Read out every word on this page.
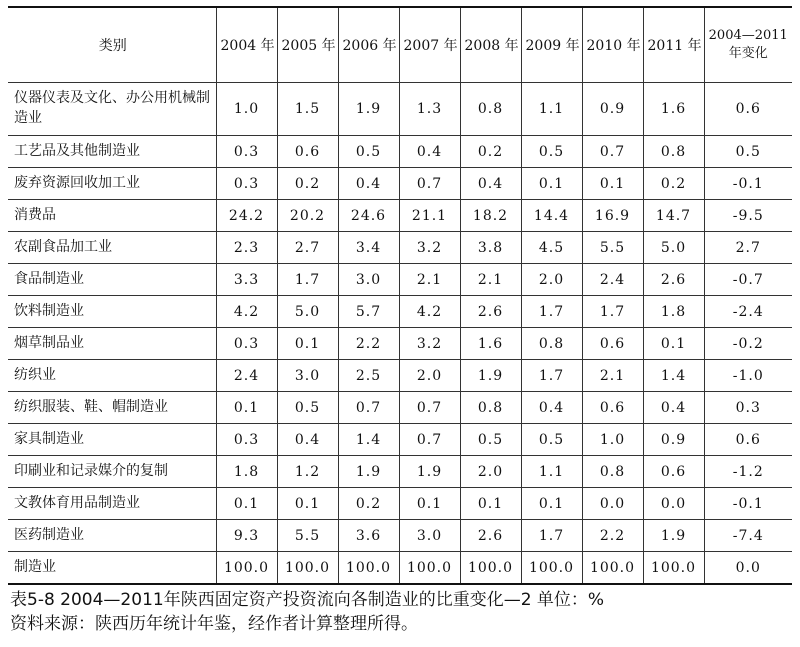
类别	2004 年	2005 年	2006 年	2007 年	2008 年	2009 年	2010 年	2011 年	2004—2011年变化
仪器仪表及文化、办公用机械制造业	1.0	1.5	1.9	1.3	0.8	1.1	0.9	1.6	0.6
工艺品及其他制造业	0.3	0.6	0.5	0.4	0.2	0.5	0.7	0.8	0.5
废弃资源回收加工业	0.3	0.2	0.4	0.7	0.4	0.1	0.1	0.2	-0.1
消费品	24.2	20.2	24.6	21.1	18.2	14.4	16.9	14.7	-9.5
农副食品加工业	2.3	2.7	3.4	3.2	3.8	4.5	5.5	5.0	2.7
食品制造业	3.3	1.7	3.0	2.1	2.1	2.0	2.4	2.6	-0.7
饮料制造业	4.2	5.0	5.7	4.2	2.6	1.7	1.7	1.8	-2.4
烟草制品业	0.3	0.1	2.2	3.2	1.6	0.8	0.6	0.1	-0.2
纺织业	2.4	3.0	2.5	2.0	1.9	1.7	2.1	1.4	-1.0
纺织服装、鞋、帽制造业	0.1	0.5	0.7	0.7	0.8	0.4	0.6	0.4	0.3
家具制造业	0.3	0.4	1.4	0.7	0.5	0.5	1.0	0.9	0.6
印刷业和记录媒介的复制	1.8	1.2	1.9	1.9	2.0	1.1	0.8	0.6	-1.2
文教体育用品制造业	0.1	0.1	0.2	0.1	0.1	0.1	0.0	0.0	-0.1
医药制造业	9.3	5.5	3.6	3.0	2.6	1.7	2.2	1.9	-7.4
制造业	100.0	100.0	100.0	100.0	100.0	100.0	100.0	100.0	0.0
表5-8 2004—2011年陕西固定资产投资流向各制造业的比重变化—2 单位：%
资料来源：陕西历年统计年鉴，经作者计算整理所得。
